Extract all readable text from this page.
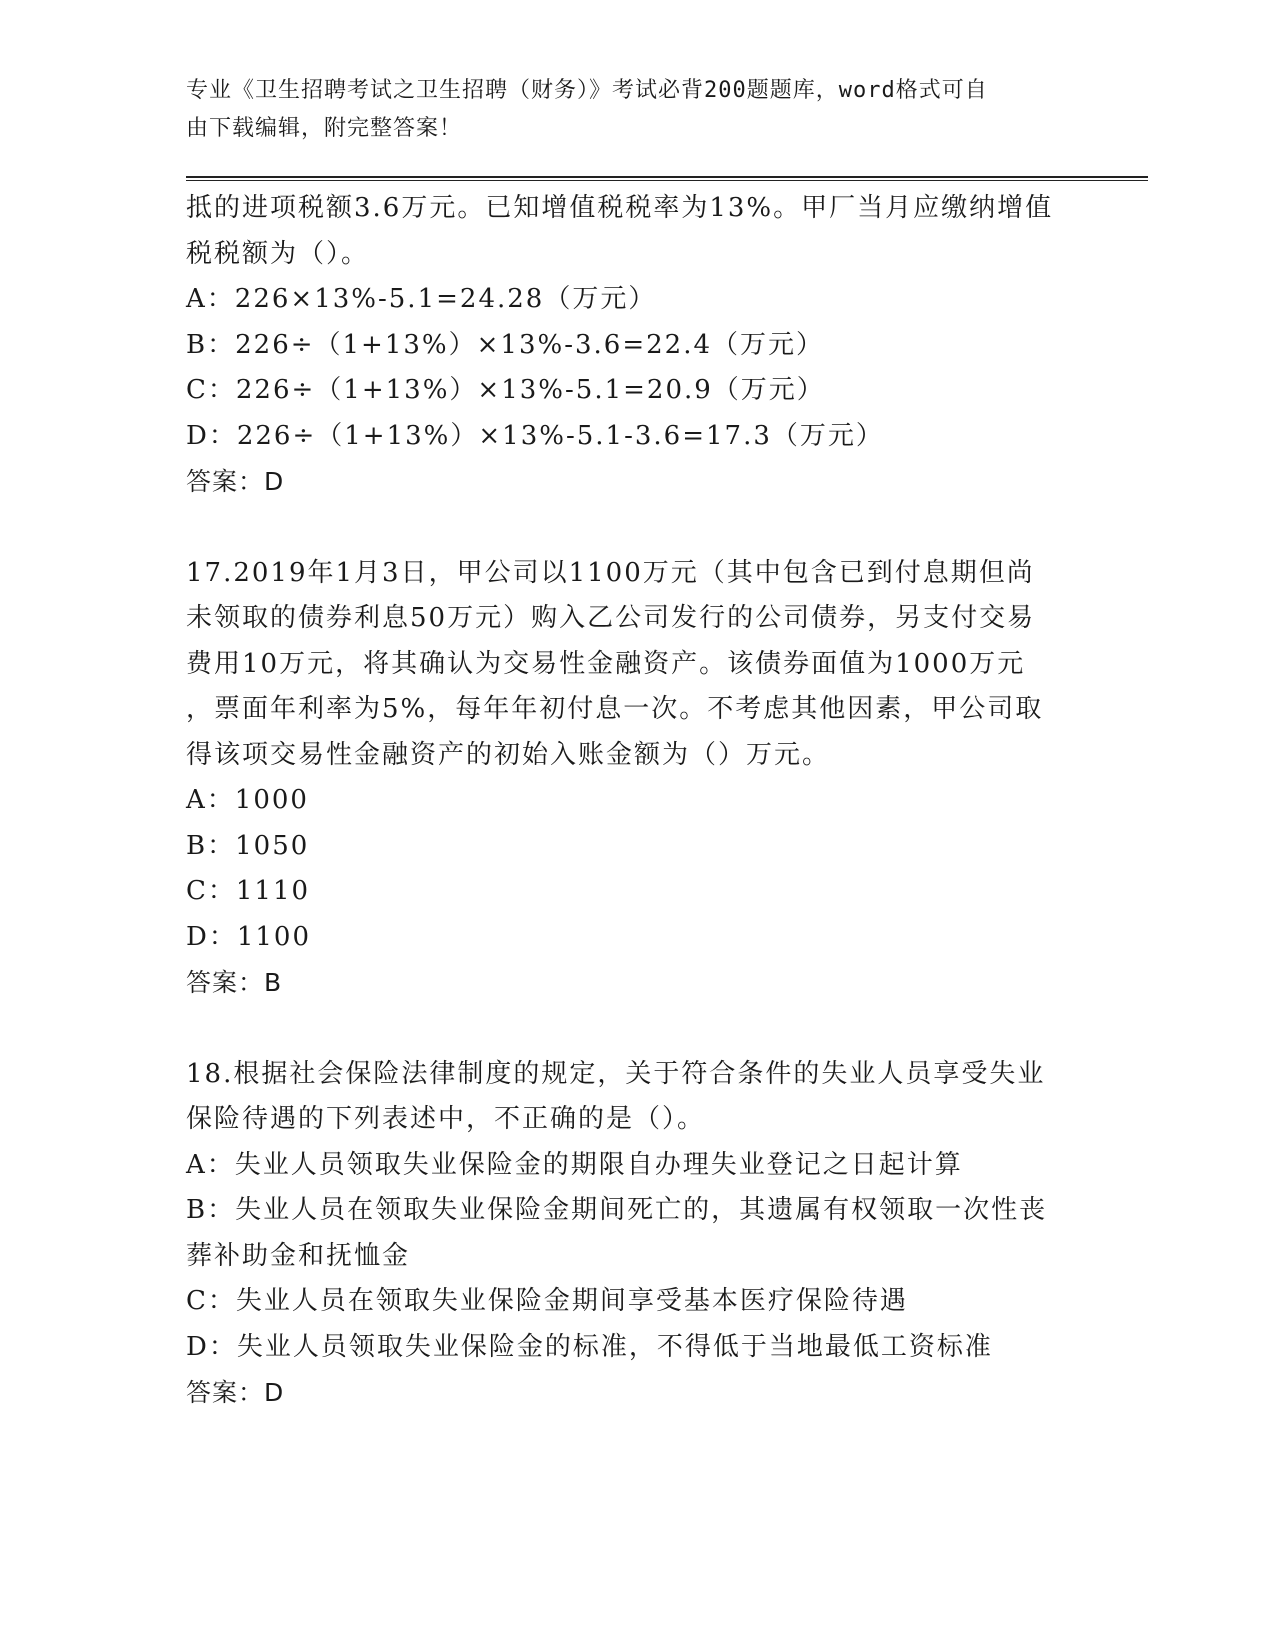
专业《卫生招聘考试之卫生招聘（财务）》考试必背200题题库，word格式可自
由下载编辑，附完整答案！
抵的进项税额3.6万元。已知增值税税率为13%。甲厂当月应缴纳增值
税税额为（）。
A：226×13%-5.1=24.28（万元）
B：226÷（1+13%）×13%-3.6=22.4（万元）
C：226÷（1+13%）×13%-5.1=20.9（万元）
D：226÷（1+13%）×13%-5.1-3.6=17.3（万元）
答案：D
17.2019年1月3日，甲公司以1100万元（其中包含已到付息期但尚
未领取的债券利息50万元）购入乙公司发行的公司债券，另支付交易
费用10万元，将其确认为交易性金融资产。该债券面值为1000万元
，票面年利率为5%，每年年初付息一次。不考虑其他因素，甲公司取
得该项交易性金融资产的初始入账金额为（）万元。
A：1000
B：1050
C：1110
D：1100
答案：B
18.根据社会保险法律制度的规定，关于符合条件的失业人员享受失业
保险待遇的下列表述中，不正确的是（）。
A：失业人员领取失业保险金的期限自办理失业登记之日起计算
B：失业人员在领取失业保险金期间死亡的，其遗属有权领取一次性丧
葬补助金和抚恤金
C：失业人员在领取失业保险金期间享受基本医疗保险待遇
D：失业人员领取失业保险金的标准，不得低于当地最低工资标准
答案：D
